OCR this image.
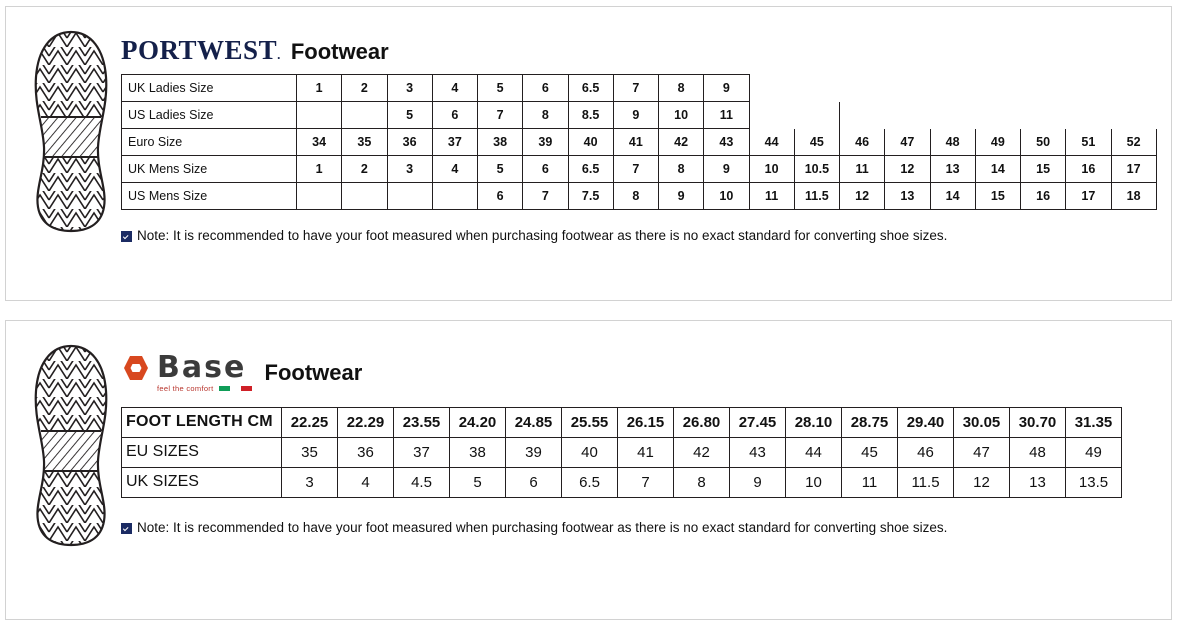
PORTWEST. Footwear
UK Ladies Size	1	2	3	4	5	6	6.5	7	8	9									
US Ladies Size			5	6	7	8	8.5	9	10	11									
Euro Size	34	35	36	37	38	39	40	41	42	43	44	45	46	47	48	49	50	51	52
UK Mens Size	1	2	3	4	5	6	6.5	7	8	9	10	10.5	11	12	13	14	15	16	17
US Mens Size					6	7	7.5	8	9	10	11	11.5	12	13	14	15	16	17	18
Note: It is recommended to have your foot measured when purchasing footwear as there is no exact standard for converting shoe sizes.
Base
feel the comfort
Footwear
FOOT LENGTH CM	22.25	22.29	23.55	24.20	24.85	25.55	26.15	26.80	27.45	28.10	28.75	29.40	30.05	30.70	31.35
EU SIZES	35	36	37	38	39	40	41	42	43	44	45	46	47	48	49
UK SIZES	3	4	4.5	5	6	6.5	7	8	9	10	11	11.5	12	13	13.5
Note: It is recommended to have your foot measured when purchasing footwear as there is no exact standard for converting shoe sizes.
